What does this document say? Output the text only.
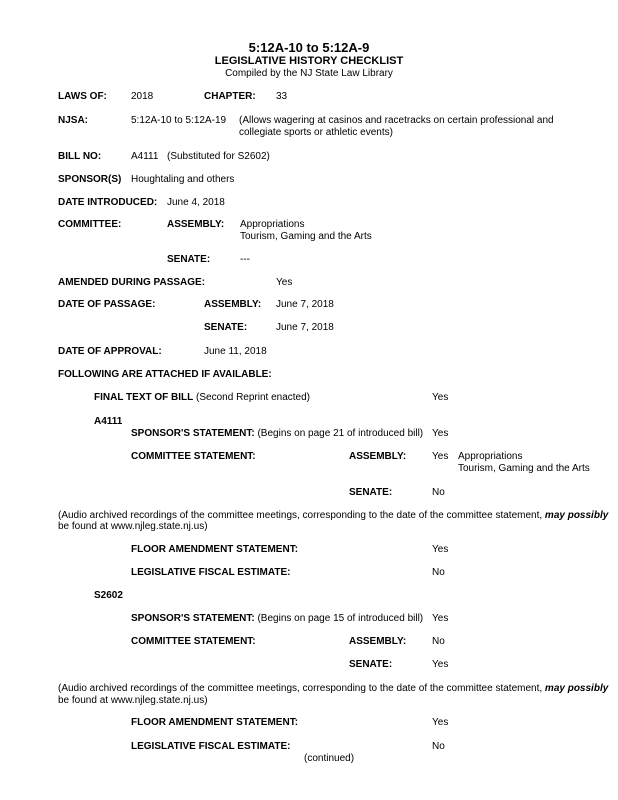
5:12A-10 to 5:12A-9
LEGISLATIVE HISTORY CHECKLIST
Compiled by the NJ State Law Library
LAWS OF: 2018	CHAPTER: 33
NJSA:	5:12A-10 to 5:12A-19 (Allows wagering at casinos and racetracks on certain professional and
collegiate sports or athletic events)
BILL NO:	A4111 (Substituted for S2602)
SPONSOR(S) Houghtaling and others
DATE INTRODUCED: June 4, 2018
COMMITTEE:	ASSEMBLY: Appropriations
Tourism, Gaming and the Arts
SENATE:	---
AMENDED DURING PASSAGE:	Yes
DATE OF PASSAGE:	ASSEMBLY: June 7, 2018
SENATE:	June 7, 2018
DATE OF APPROVAL:	June 11, 2018
FOLLOWING ARE ATTACHED IF AVAILABLE:
FINAL TEXT OF BILL (Second Reprint enacted)	Yes
A4111
SPONSOR'S STATEMENT: (Begins on page 21 of introduced bill) Yes
COMMITTEE STATEMENT:	ASSEMBLY:	Yes Appropriations
Tourism, Gaming and the Arts
SENATE:	No
(Audio archived recordings of the committee meetings, corresponding to the date of the committee statement, may possibly
be found at www.njleg.state.nj.us)
FLOOR AMENDMENT STATEMENT:	Yes
LEGISLATIVE FISCAL ESTIMATE:	No
S2602
SPONSOR'S STATEMENT: (Begins on page 15 of introduced bill) Yes
COMMITTEE STATEMENT:	ASSEMBLY:	No
SENATE:	Yes
(Audio archived recordings of the committee meetings, corresponding to the date of the committee statement, may possibly
be found at www.njleg.state.nj.us)
FLOOR AMENDMENT STATEMENT:	Yes
LEGISLATIVE FISCAL ESTIMATE:	No
(continued)
